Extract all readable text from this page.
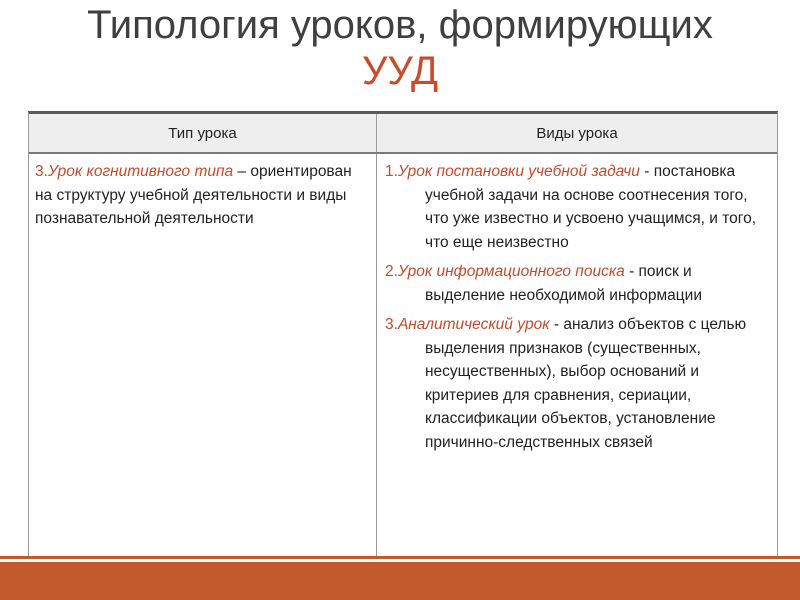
Типология уроков, формирующих
УУД
Тип урока	Виды урока
3.Урок когнитивного типа – ориентирован на структуру учебной деятельности и виды познавательной деятельности
1.Урок постановки учебной задачи - постановка учебной задачи на основе соотнесения того, что уже известно и усвоено учащимся, и того, что еще неизвестно
2.Урок информационного поиска - поиск и выделение необходимой информации
3.Аналитический урок - анализ объектов с целью выделения признаков (существенных, несущественных), выбор оснований и критериев для сравнения, сериации, классификации объектов, установление причинно-следственных связей
